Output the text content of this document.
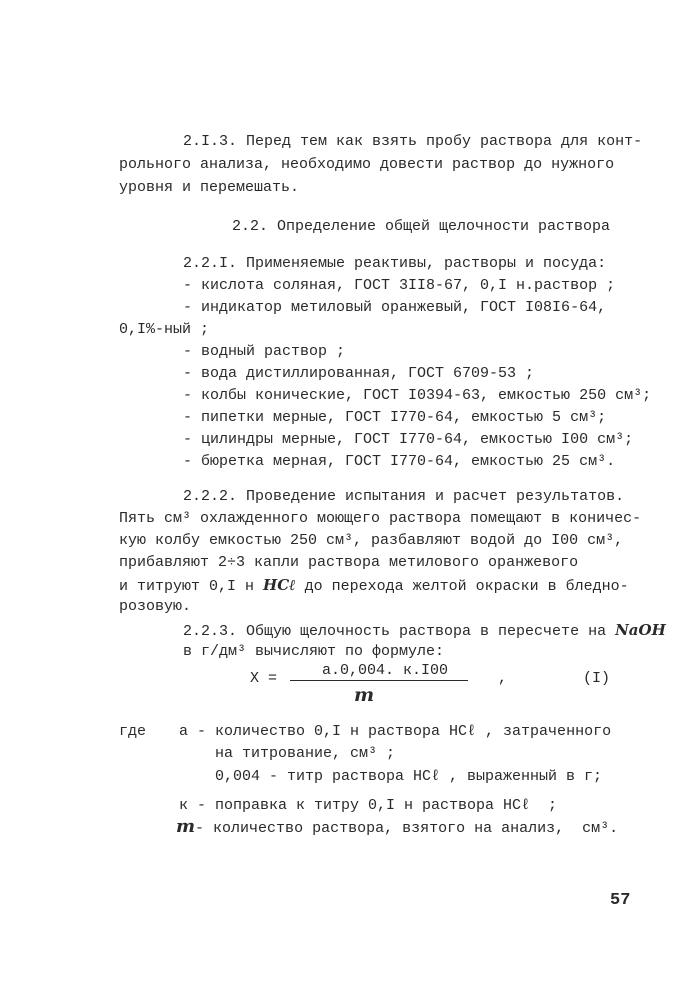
2.I.3. Перед тем как взять пробу раствора для конт-
рольного анализа, необходимо довести раствор до нужного
уровня и перемешать.
2.2. Определение общей щелочности раствора
2.2.I. Применяемые реактивы, растворы и посуда:
- кислота соляная, ГОСТ 3II8-67, 0,I н.раствор ;
- индикатор метиловый оранжевый, ГОСТ I08I6-64,
0,I%-ный ;
- водный раствор ;
- вода дистиллированная, ГОСТ 6709-53 ;
- колбы конические, ГОСТ I0394-63, емкостью 250 см³;
- пипетки мерные, ГОСТ I770-64, емкостью 5 см³;
- цилиндры мерные, ГОСТ I770-64, емкостью I00 см³;
- бюретка мерная, ГОСТ I770-64, емкостью 25 см³.
2.2.2. Проведение испытания и расчет результатов.
Пять см³ охлажденного моющего раствора помещают в коничес-
кую колбу емкостью 250 см³, разбавляют водой до I00 см³,
прибавляют 2÷3 капли раствора метилового оранжевого
и титруют 0,I н HCℓ до перехода желтой окраски в бледно-
розовую.
2.2.3. Общую щелочность раствора в пересчете на NaOH
в г/дм³ вычисляют по формуле:
X =	a.0,004. к.I00
m
,	(I)
где а - количество 0,I н раствора HCℓ , затраченного
на титрование, см³ ;
0,004 - титр раствора HCℓ , выраженный в г;
к - поправка к титру 0,I н раствора HCℓ  ;
m- количество раствора, взятого на анализ,  см³.
57
